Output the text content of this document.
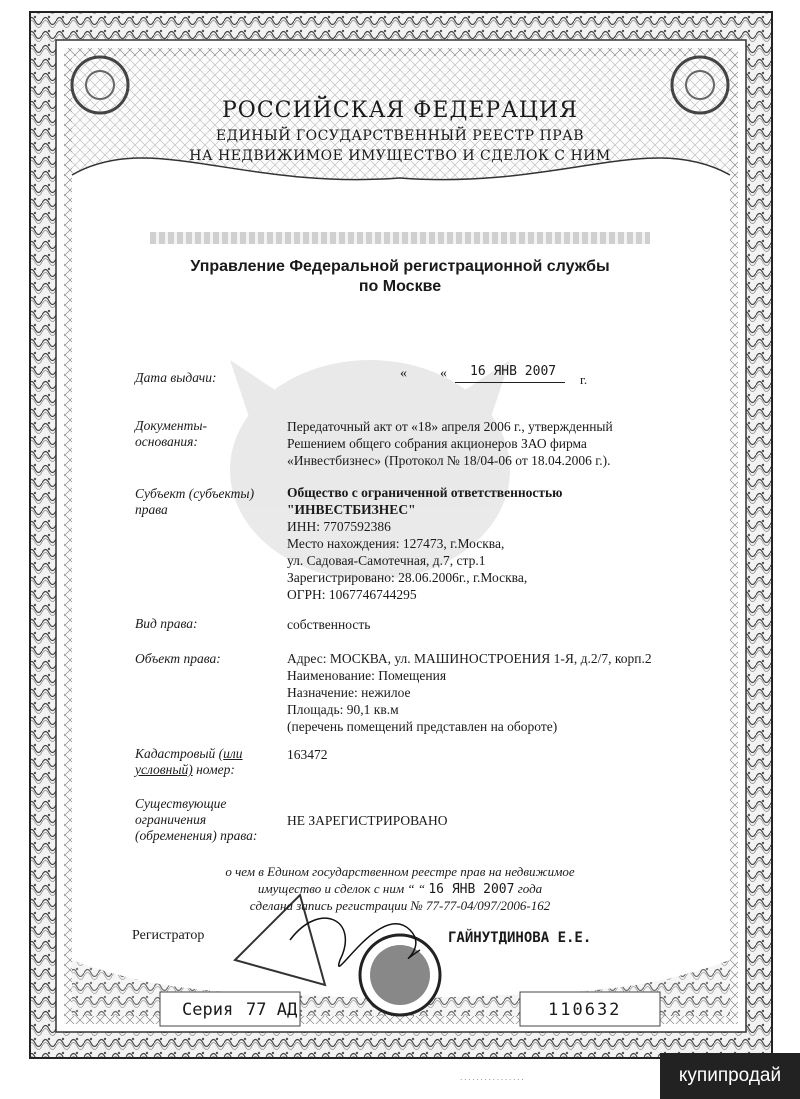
РОССИЙСКАЯ ФЕДЕРАЦИЯ
ЕДИНЫЙ ГОСУДАРСТВЕННЫЙ РЕЕСТР ПРАВ
НА НЕДВИЖИМОЕ ИМУЩЕСТВО И СДЕЛОК С НИМ
Управление Федеральной регистрационной службы
по Москве
Дата выдачи:	« « 16 ЯНВ 2007
г.
Документы-
основания:
Передаточный акт от «18» апреля 2006 г., утвержденный
Решением общего собрания акционеров ЗАО фирма
«Инвестбизнес» (Протокол № 18/04-06 от 18.04.2006 г.).
Субъект (субъекты)
права
Общество с ограниченной ответственностью
"ИНВЕСТБИЗНЕС"
ИНН: 7707592386
Место нахождения: 127473, г.Москва,
ул. Садовая-Самотечная, д.7, стр.1
Зарегистрировано: 28.06.2006г., г.Москва,
ОГРН: 1067746744295
Вид права:	собственность
Объект права:	Адрес: МОСКВА, ул. МАШИНОСТРОЕНИЯ 1-Я, д.2/7, корп.2
Наименование: Помещения
Назначение: нежилое
Площадь: 90,1 кв.м
(перечень помещений представлен на обороте)
Кадастровый (или
условный) номер:
163472
Существующие
ограничения
(обременения) права:
НЕ ЗАРЕГИСТРИРОВАНО
о чем в Едином государственном реестре прав на недвижимое
имущество и сделок с ним “ “ 16 ЯНВ 2007 года
сделана запись регистрации № 77-77-04/097/2006-162
Регистратор	ГАЙНУТДИНОВА Е.Е.
Серия 77 АД	110632
· · · · · · · · · · · · · · · ·	купипродай
